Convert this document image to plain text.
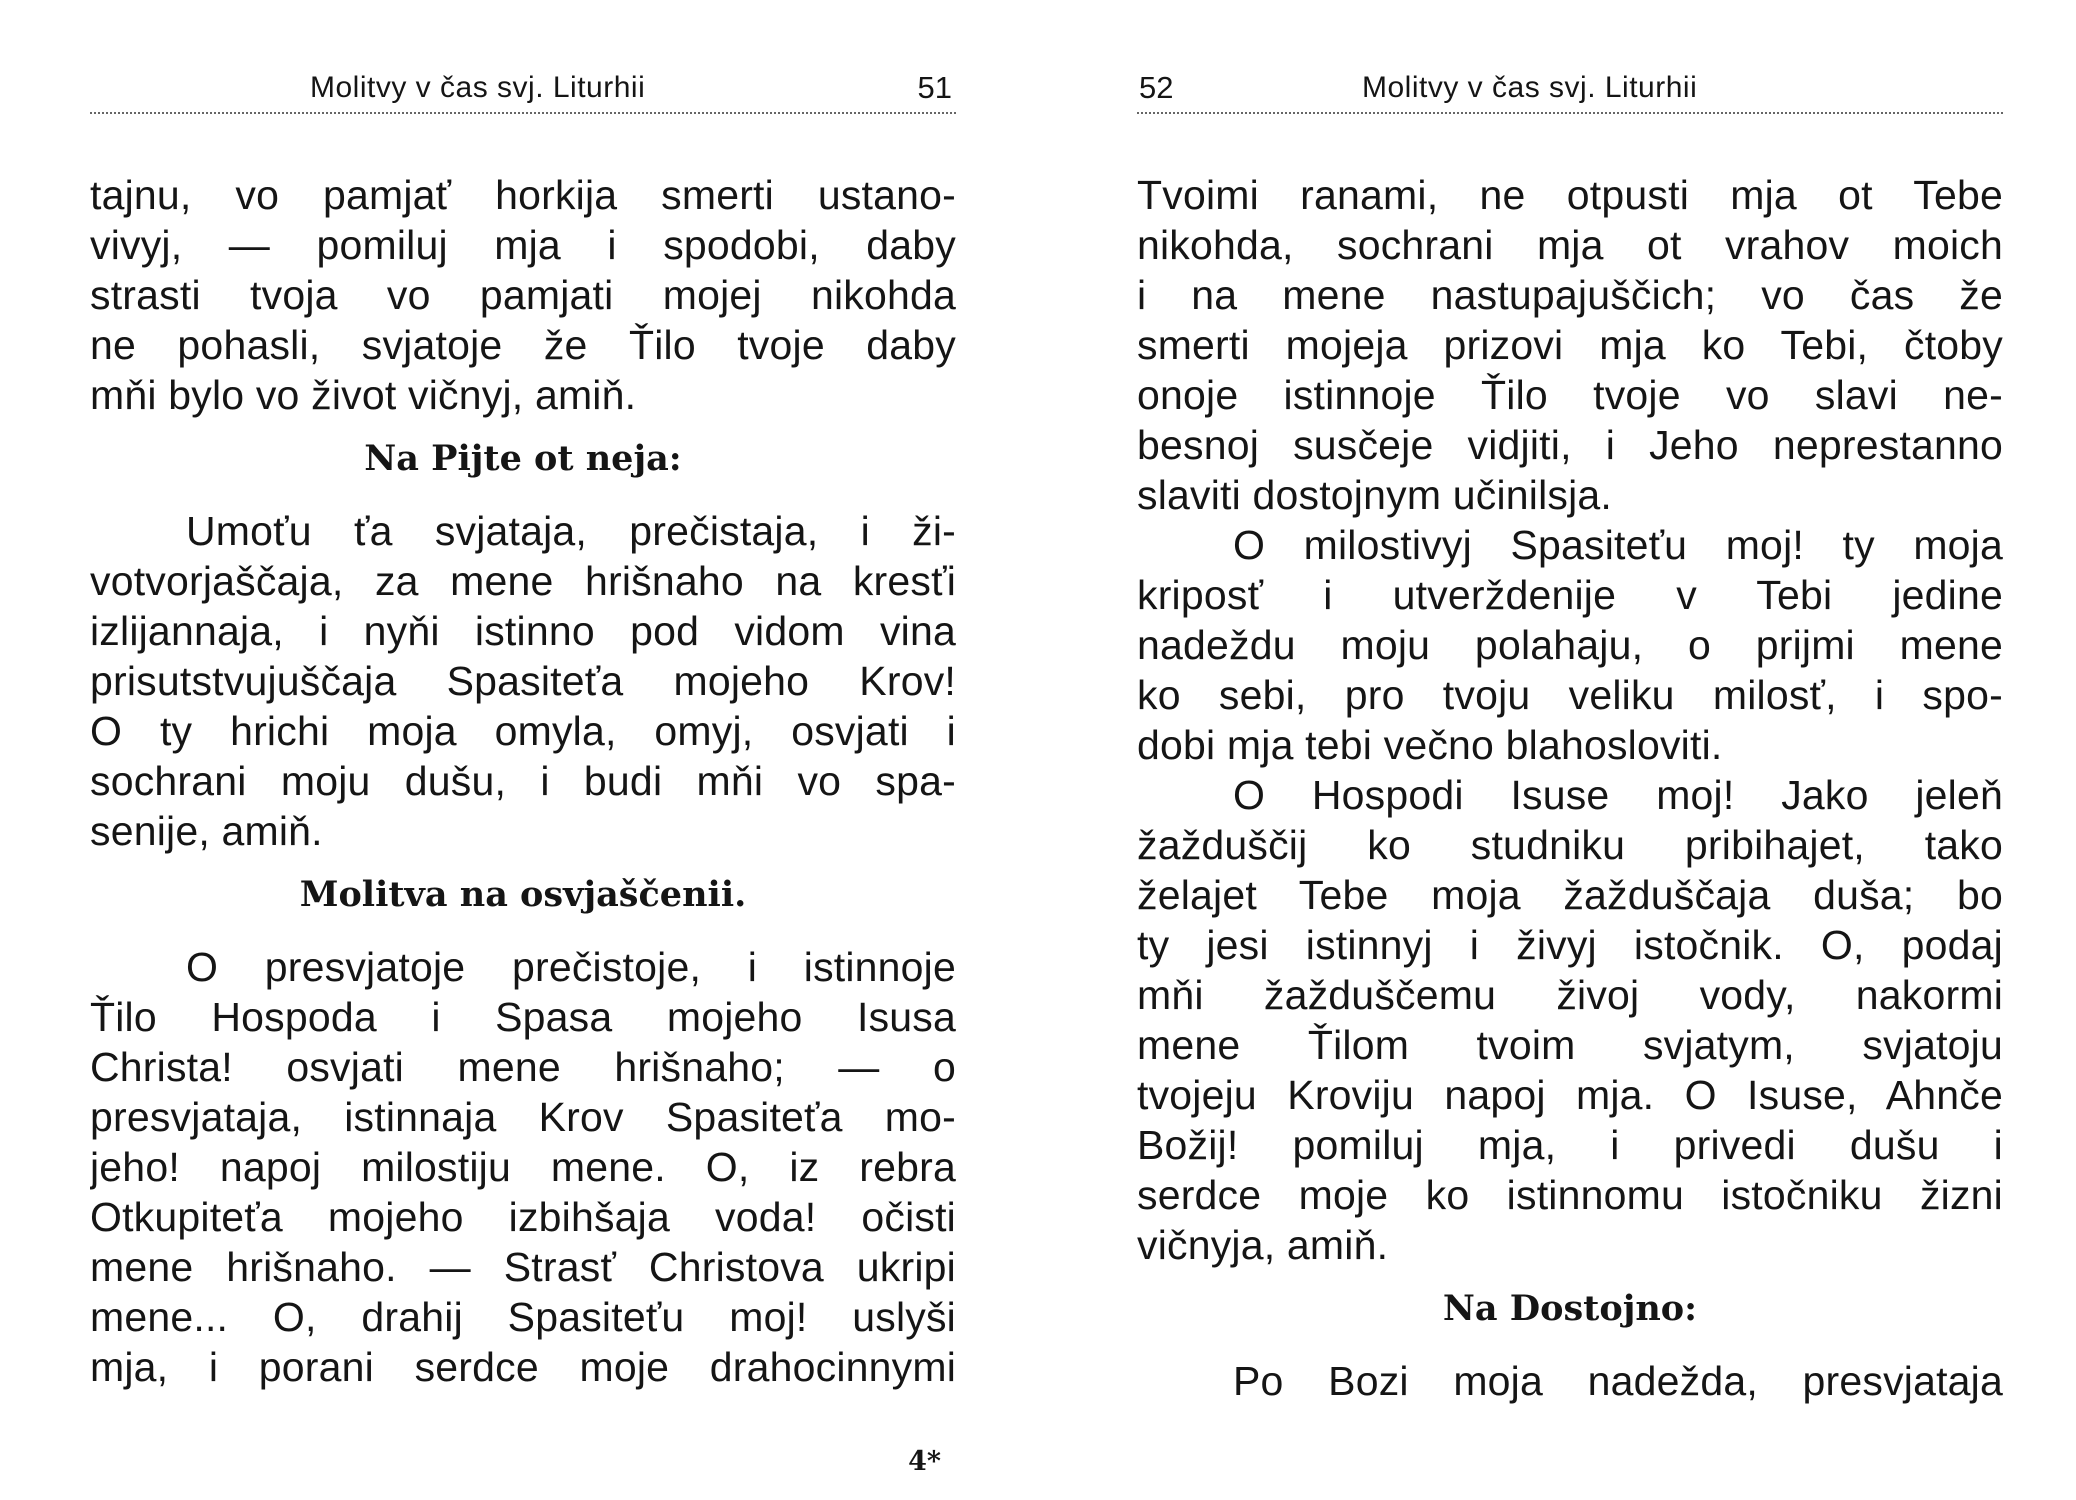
Molitvy v čas svj. Liturhii	51
tajnu, vo pamjať horkija smerti ustano-
vivyj, — pomiluj mja i spodobi, daby
strasti tvoja vo pamjati mojej nikohda
ne pohasli, svjatoje že Ťilo tvoje daby
mňi bylo vo život vičnyj, amiň.
Na Pijte ot neja:
Umoťu ťa svjataja, prečistaja, i ži-
votvorjaščaja, za mene hrišnaho na kresťi
izlijannaja, i nyňi istinno pod vidom vina
prisutstvujuščaja Spasiteťa mojeho Krov!
O ty hrichi moja omyla, omyj, osvjati i
sochrani moju dušu, i budi mňi vo spa-
senije, amiň.
Molitva na osvjaščenii.
O presvjatoje prečistoje, i istinnoje
Ťilo Hospoda i Spasa mojeho Isusa
Christa! osvjati mene hrišnaho; — o
presvjataja, istinnaja Krov Spasiteťa mo-
jeho! napoj milostiju mene. O, iz rebra
Otkupiteťa mojeho izbihšaja voda! očisti
mene hrišnaho. — Strasť Christova ukripi
mene... O, drahij Spasiteťu moj! uslyši
mja, i porani serdce moje drahocinnymi
4*
52	Molitvy v čas svj. Liturhii
Tvoimi ranami, ne otpusti mja ot Tebe
nikohda, sochrani mja ot vrahov moich
i na mene nastupajuščich; vo čas že
smerti mojeja prizovi mja ko Tebi, čtoby
onoje istinnoje Ťilo tvoje vo slavi ne-
besnoj susčeje vidjiti, i Jeho neprestanno
slaviti dostojnym učinilsja.
O milostivyj Spasiteťu moj! ty moja
kriposť i utverždenije v Tebi jedine
nadeždu moju polahaju, o prijmi mene
ko sebi, pro tvoju veliku milosť, i spo-
dobi mja tebi večno blahosloviti.
O Hospodi Isuse moj! Jako jeleň
žažduščij ko studniku pribihajet, tako
želajet Tebe moja žažduščaja duša; bo
ty jesi istinnyj i živyj istočnik. O, podaj
mňi žažduščemu živoj vody, nakormi
mene Ťilom tvoim svjatym, svjatoju
tvojeju Kroviju napoj mja. O Isuse, Ahnče
Božij! pomiluj mja, i privedi dušu i
serdce moje ko istinnomu istočniku žizni
vičnyja, amiň.
Na Dostojno:
Po Bozi moja nadežda, presvjataja
